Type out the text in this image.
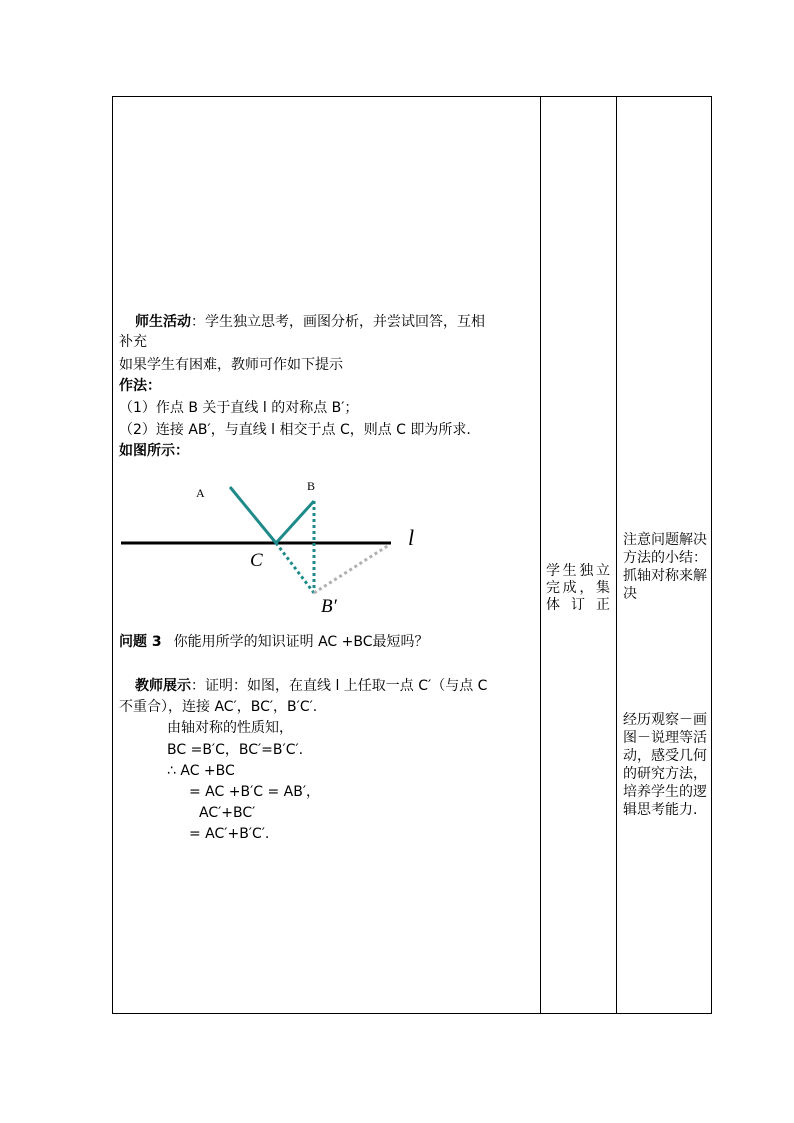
师生活动：学生独立思考，画图分析，并尝试回答，互相
补充
如果学生有困难，教师可作如下提示
作法：
（1）作点 B 关于直线 l 的对称点 B′；
（2）连接 AB′，与直线 l 相交于点 C，则点 C 即为所求.
如图所示：
A	B
C
B′
l
问题 3 你能用所学的知识证明 AC +BC最短吗？
教师展示：证明：如图，在直线 l 上任取一点 C′（与点 C
不重合），连接 AC′，BC′，B′C′.
由轴对称的性质知，
BC =B′C，BC′=B′C′.
∴ AC +BC
= AC +B′C = AB′，
AC′+BC′
= AC′+B′C′.
学生独立完成，集体订正
注意问题解决方法的小结：抓轴对称来解决
经历观察－画图－说理等活动，感受几何的研究方法，培养学生的逻辑思考能力.
